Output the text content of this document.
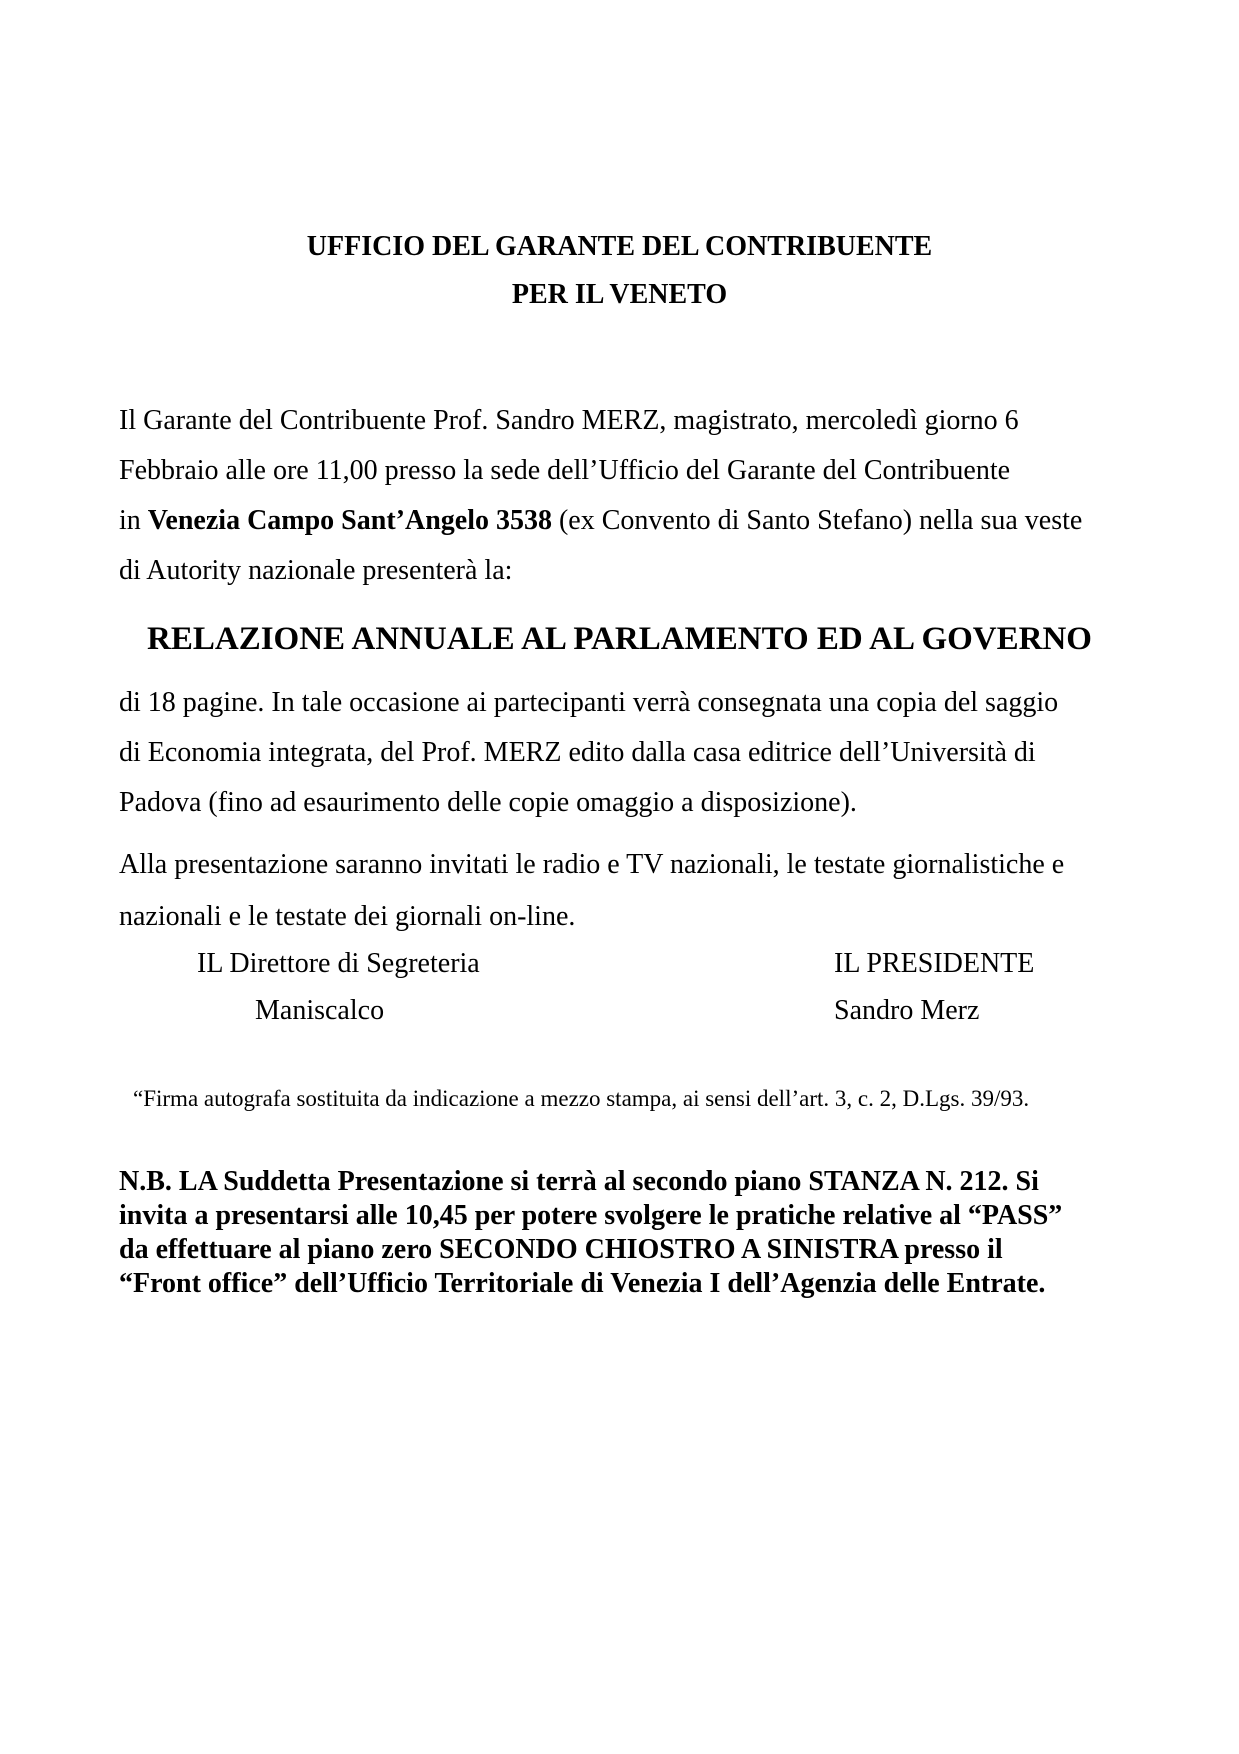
UFFICIO DEL GARANTE DEL CONTRIBUENTE
PER IL VENETO
Il Garante del Contribuente Prof. Sandro MERZ, magistrato, mercoledì giorno 6
Febbraio alle ore 11,00 presso la sede dell’Ufficio del Garante del Contribuente
in Venezia Campo Sant’Angelo 3538 (ex Convento di Santo Stefano) nella sua veste
di Autority nazionale presenterà la:
RELAZIONE ANNUALE AL PARLAMENTO ED AL GOVERNO
di 18 pagine. In tale occasione ai partecipanti verrà consegnata una copia del saggio
di Economia integrata, del Prof. MERZ edito dalla casa editrice dell’Università di
Padova (fino ad esaurimento delle copie omaggio a disposizione).
Alla presentazione saranno invitati le radio e TV nazionali, le testate giornalistiche e
nazionali e le testate dei giornali on-line.
IL Direttore di Segreteria
Maniscalco
IL PRESIDENTE
Sandro Merz
“Firma autografa sostituita da indicazione a mezzo stampa, ai sensi dell’art. 3, c. 2, D.Lgs. 39/93.
N.B. LA Suddetta Presentazione si terrà al secondo piano STANZA N. 212. Si
invita a presentarsi alle 10,45 per potere svolgere le pratiche relative al “PASS”
da effettuare al piano zero SECONDO CHIOSTRO A SINISTRA presso il
“Front office” dell’Ufficio Territoriale di Venezia I dell’Agenzia delle Entrate.
